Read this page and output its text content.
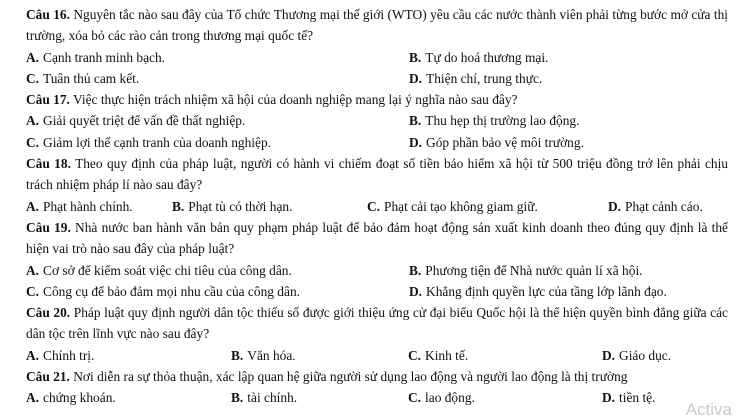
Câu 16. Nguyên tắc nào sau đây của Tổ chức Thương mại thế giới (WTO) yêu cầu các nước thành viên phải từng bước mở cửa thị trường, xóa bỏ các rào cản trong thương mại quốc tế?
A. Cạnh tranh minh bạch.	B. Tự do hoá thương mại.
C. Tuân thủ cam kết.	D. Thiện chí, trung thực.
Câu 17. Việc thực hiện trách nhiệm xã hội của doanh nghiệp mang lại ý nghĩa nào sau đây?
A. Giải quyết triệt để vấn đề thất nghiệp.	B. Thu hẹp thị trường lao động.
C. Giảm lợi thế cạnh tranh của doanh nghiệp.	D. Góp phần bảo vệ môi trường.
Câu 18. Theo quy định của pháp luật, người có hành vi chiếm đoạt số tiền bảo hiểm xã hội từ 500 triệu đồng trở lên phải chịu trách nhiệm pháp lí nào sau đây?
A. Phạt hành chính.	B. Phạt tù có thời hạn.	C. Phạt cải tạo không giam giữ.	D. Phạt cảnh cáo.
Câu 19. Nhà nước ban hành văn bản quy phạm pháp luật để bảo đảm hoạt động sản xuất kinh doanh theo đúng quy định là thể hiện vai trò nào sau đây của pháp luật?
A. Cơ sở để kiểm soát việc chi tiêu của công dân.	B. Phương tiện để Nhà nước quản lí xã hội.
C. Công cụ để bảo đảm mọi nhu cầu của công dân.	D. Khẳng định quyền lực của tầng lớp lãnh đạo.
Câu 20. Pháp luật quy định người dân tộc thiểu số được giới thiệu ứng cử đại biểu Quốc hội là thể hiện quyền bình đẳng giữa các dân tộc trên lĩnh vực nào sau đây?
A. Chính trị.	B. Văn hóa.	C. Kinh tế.	D. Giáo dục.
Câu 21. Nơi diễn ra sự thỏa thuận, xác lập quan hệ giữa người sử dụng lao động và người lao động là thị trường
A. chứng khoán.	B. tài chính.	C. lao động.	D. tiền tệ.
Activa
